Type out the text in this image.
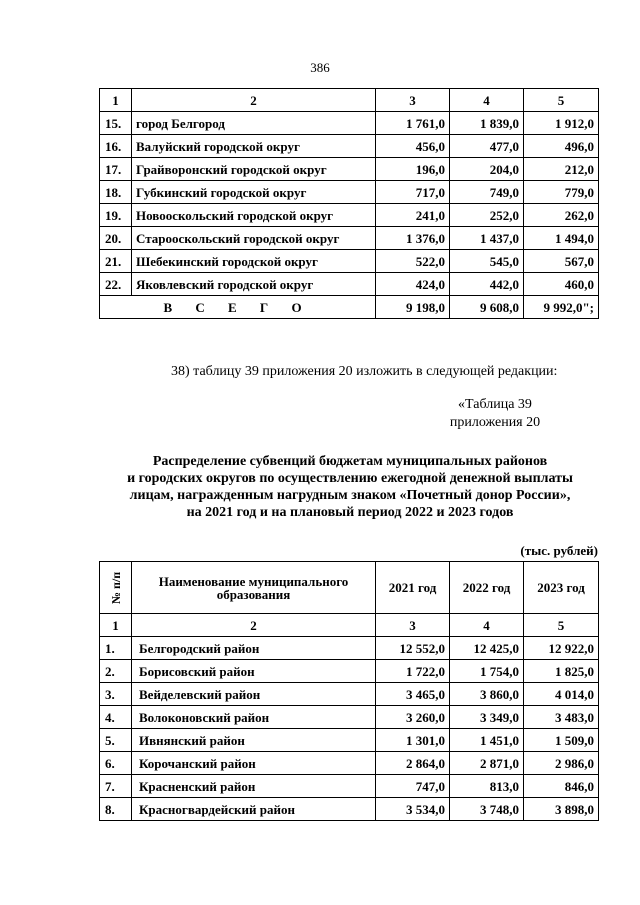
386
1	2	3	4	5
15.	город Белгород	1 761,0	1 839,0	1 912,0
16.	Валуйский городской округ	456,0	477,0	496,0
17.	Грайворонский городской округ	196,0	204,0	212,0
18.	Губкинский городской округ	717,0	749,0	779,0
19.	Новооскольский городской округ	241,0	252,0	262,0
20.	Старооскольский городской округ	1 376,0	1 437,0	1 494,0
21.	Шебекинский городской округ	522,0	545,0	567,0
22.	Яковлевский городской округ	424,0	442,0	460,0
В С Е Г О		9 198,0	9 608,0	9 992,0";
38) таблицу 39 приложения 20 изложить в следующей редакции:
«Таблица 39
приложения 20
Распределение субвенций бюджетам муниципальных районов
и городских округов по осуществлению ежегодной денежной выплаты
лицам, награжденным нагрудным знаком «Почетный донор России»,
на 2021 год и на плановый период 2022 и 2023 годов
(тыс. рублей)
№ п/п	Наименование муниципального образования	2021 год	2022 год	2023 год
1	2	3	4	5
1.	Белгородский район	12 552,0	12 425,0	12 922,0
2.	Борисовский район	1 722,0	1 754,0	1 825,0
3.	Вейделевский район	3 465,0	3 860,0	4 014,0
4.	Волоконовский район	3 260,0	3 349,0	3 483,0
5.	Ивнянский район	1 301,0	1 451,0	1 509,0
6.	Корочанский район	2 864,0	2 871,0	2 986,0
7.	Красненский район	747,0	813,0	846,0
8.	Красногвардейский район	3 534,0	3 748,0	3 898,0
